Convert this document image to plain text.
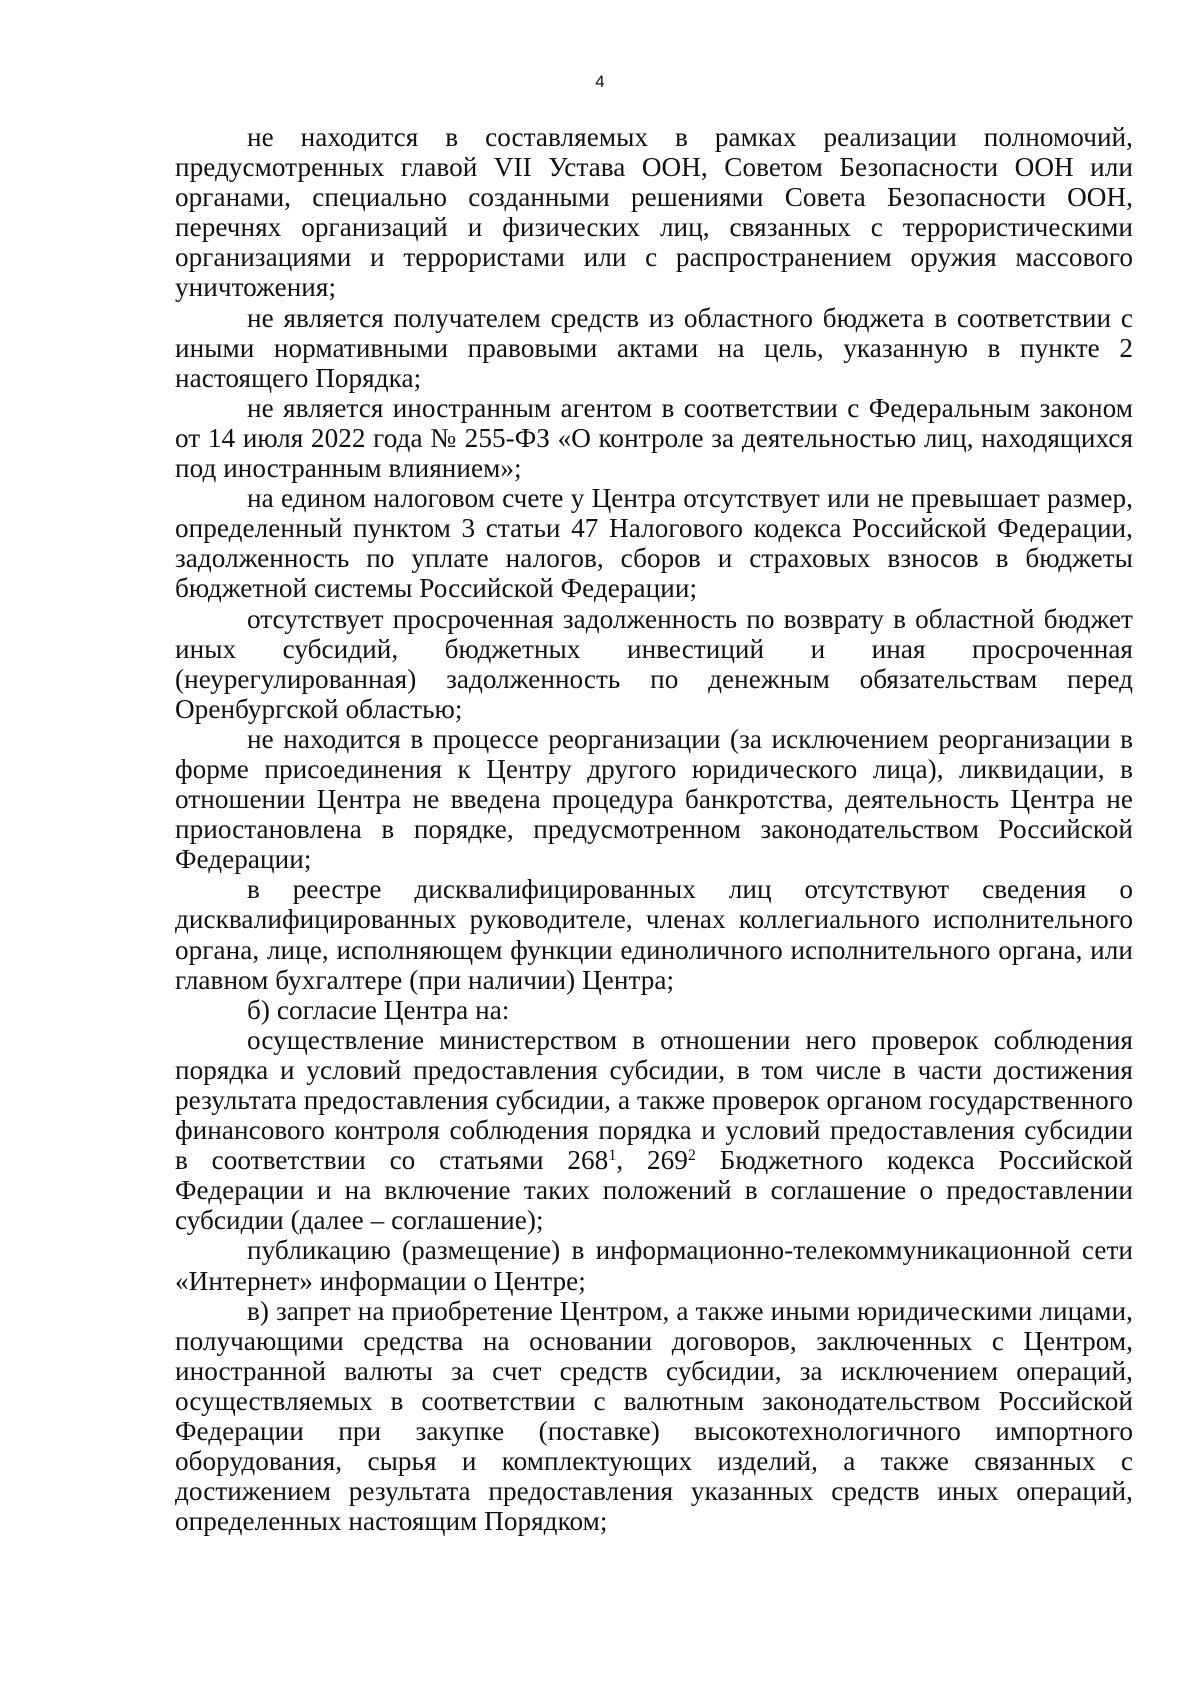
4

не находится в составляемых в рамках реализации полномочий, предусмотренных главой VII Устава ООН, Советом Безопасности ООН или органами, специально созданными решениями Совета Безопасности ООН, перечнях организаций и физических лиц, связанных с террористическими организациями и террористами или с распространением оружия массового уничтожения;

не является получателем средств из областного бюджета в соответствии с иными нормативными правовыми актами на цель, указанную в пункте 2 настоящего Порядка;

не является иностранным агентом в соответствии с Федеральным законом от 14 июля 2022 года № 255-ФЗ «О контроле за деятельностью лиц, находящихся под иностранным влиянием»;

на едином налоговом счете у Центра отсутствует или не превышает размер, определенный пунктом 3 статьи 47 Налогового кодекса Российской Федерации, задолженность по уплате налогов, сборов и страховых взносов в бюджеты бюджетной системы Российской Федерации;

отсутствует просроченная задолженность по возврату в областной бюджет иных субсидий, бюджетных инвестиций и иная просроченная (неурегулированная) задолженность по денежным обязательствам перед Оренбургской областью;

не находится в процессе реорганизации (за исключением реорганизации в форме присоединения к Центру другого юридического лица), ликвидации, в отношении Центра не введена процедура банкротства, деятельность Центра не приостановлена в порядке, предусмотренном законодательством Российской Федерации;

в реестре дисквалифицированных лиц отсутствуют сведения о дисквалифицированных руководителе, членах коллегиального исполнительного органа, лице, исполняющем функции единоличного исполнительного органа, или главном бухгалтере (при наличии) Центра;

б) согласие Центра на:

осуществление министерством в отношении него проверок соблюдения порядка и условий предоставления субсидии, в том числе в части достижения результата предоставления субсидии, а также проверок органом государственного финансового контроля соблюдения порядка и условий предоставления субсидии в соответствии со статьями $268^1$, $269^2$ Бюджетного кодекса Российской Федерации и на включение таких положений в соглашение о предоставлении субсидии (далее – соглашение);

публикацию (размещение) в информационно-телекоммуникационной сети «Интернет» информации о Центре;

в) запрет на приобретение Центром, а также иными юридическими лицами, получающими средства на основании договоров, заключенных с Центром, иностранной валюты за счет средств субсидии, за исключением операций, осуществляемых в соответствии с валютным законодательством Российской Федерации при закупке (поставке) высокотехнологичного импортного оборудования, сырья и комплектующих изделий, а также связанных с достижением результата предоставления указанных средств иных операций, определенных настоящим Порядком;
